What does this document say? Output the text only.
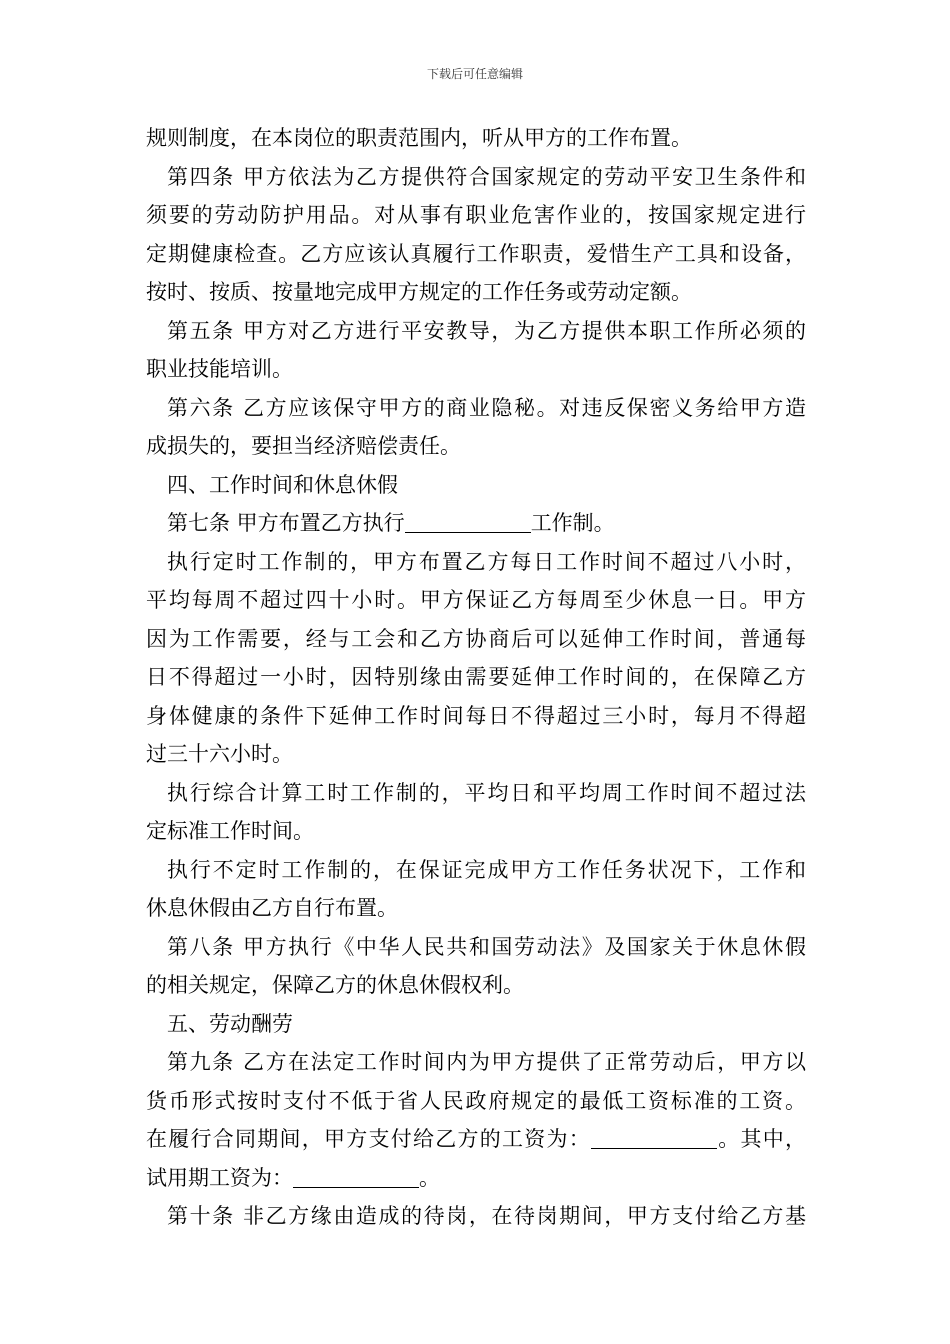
下载后可任意编辑
规则制度，在本岗位的职责范围内，听从甲方的工作布置。
第四条 甲方依法为乙方提供符合国家规定的劳动平安卫生条件和
须要的劳动防护用品。对从事有职业危害作业的，按国家规定进行
定期健康检查。乙方应该认真履行工作职责，爱惜生产工具和设备，
按时、按质、按量地完成甲方规定的工作任务或劳动定额。
第五条 甲方对乙方进行平安教导，为乙方提供本职工作所必须的
职业技能培训。
第六条 乙方应该保守甲方的商业隐秘。对违反保密义务给甲方造
成损失的，要担当经济赔偿责任。
四、工作时间和休息休假
第七条 甲方布置乙方执行	工作制。
执行定时工作制的，甲方布置乙方每日工作时间不超过八小时，
平均每周不超过四十小时。甲方保证乙方每周至少休息一日。甲方
因为工作需要，经与工会和乙方协商后可以延伸工作时间，普通每
日不得超过一小时，因特别缘由需要延伸工作时间的，在保障乙方
身体健康的条件下延伸工作时间每日不得超过三小时，每月不得超
过三十六小时。
执行综合计算工时工作制的，平均日和平均周工作时间不超过法
定标准工作时间。
执行不定时工作制的，在保证完成甲方工作任务状况下，工作和
休息休假由乙方自行布置。
第八条 甲方执行《中华人民共和国劳动法》及国家关于休息休假
的相关规定，保障乙方的休息休假权利。
五、劳动酬劳
第九条 乙方在法定工作时间内为甲方提供了正常劳动后，甲方以
货币形式按时支付不低于省人民政府规定的最低工资标准的工资。
在履行合同期间，甲方支付给乙方的工资为：	。其中，
试用期工资为：	。
第十条 非乙方缘由造成的待岗，在待岗期间，甲方支付给乙方基
